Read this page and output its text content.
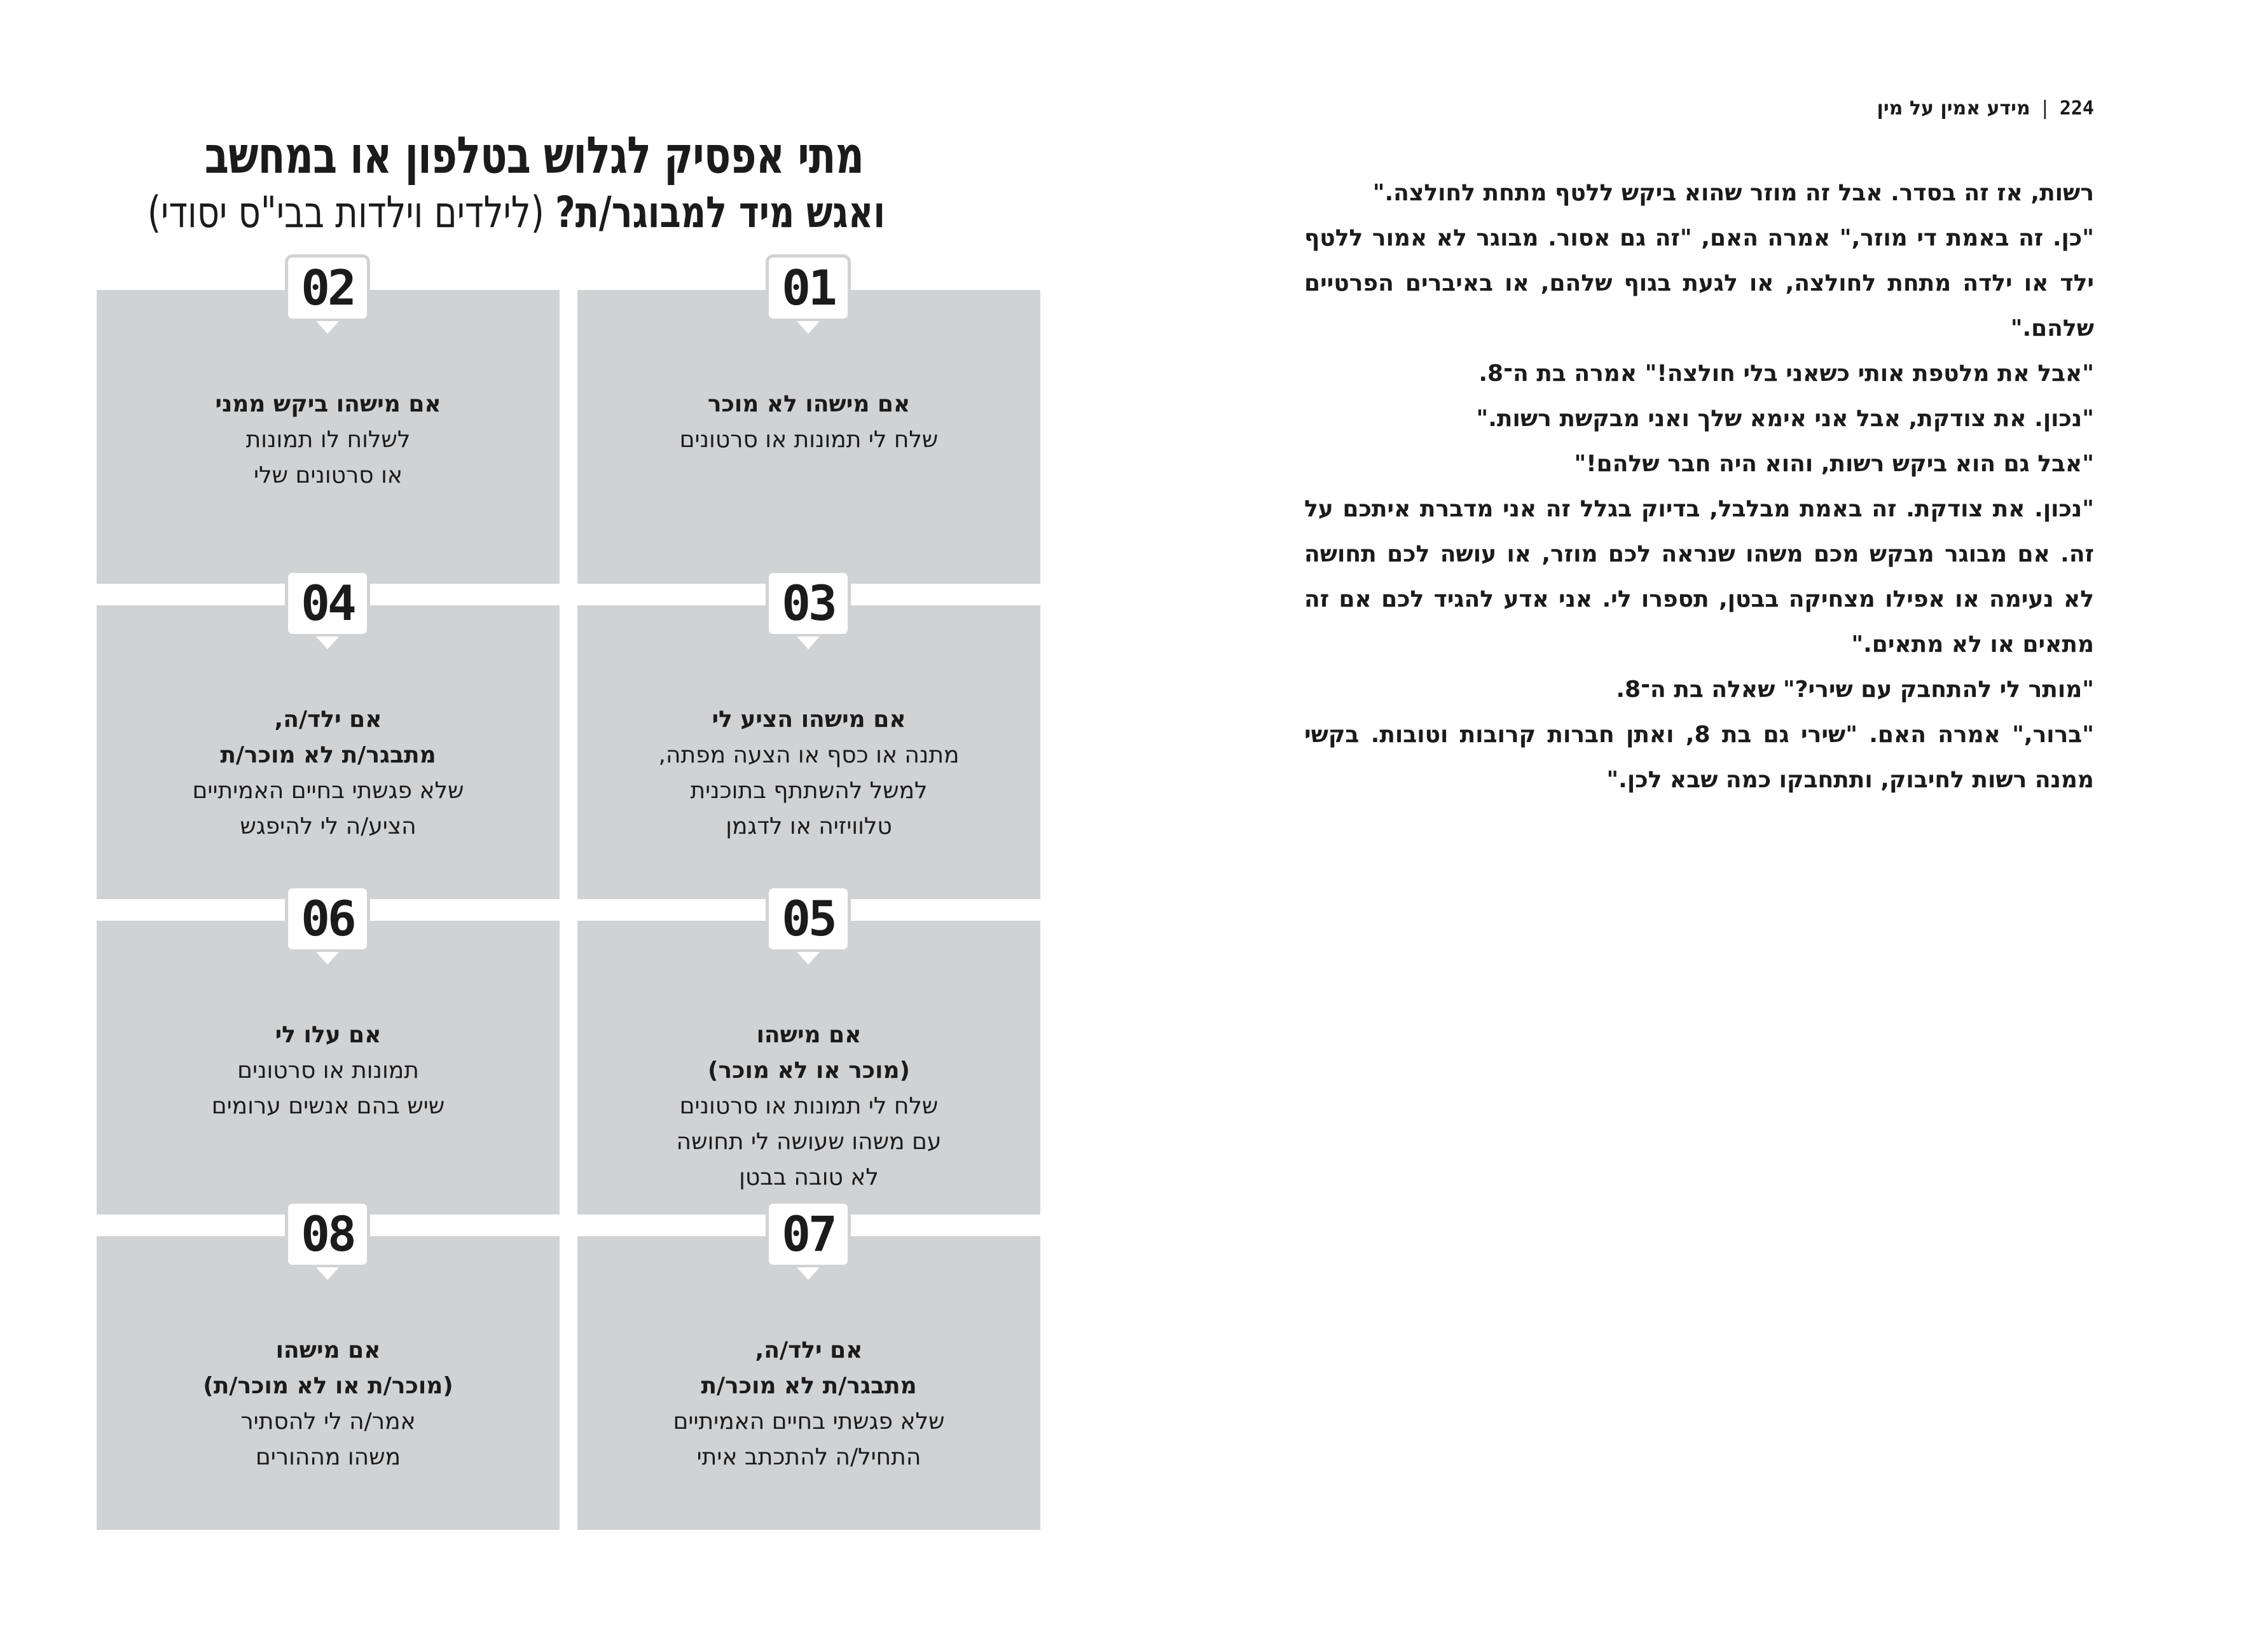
מתי אפסיק לגלוש בטלפון או במחשב
ואגש מיד למבוגר/ת? (לילדים וילדות בבי"ס יסודי)
01
אם מישהו לא מוכר
שלח לי תמונות או סרטונים
02
אם מישהו ביקש ממני
לשלוח לו תמונות
או סרטונים שלי
03
אם מישהו הציע לי
מתנה או כסף או הצעה מפתה,
למשל להשתתף בתוכנית
טלוויזיה או לדגמן
04
אם ילד/ה,
מתבגר/ת לא מוכר/ת
שלא פגשתי בחיים האמיתיים
הציע/ה לי להיפגש
05
אם מישהו
(מוכר או לא מוכר)
שלח לי תמונות או סרטונים
עם משהו שעושה לי תחושה
לא טובה בבטן
06
אם עלו לי
תמונות או סרטונים
שיש בהם אנשים ערומים
07
אם ילד/ה,
מתבגר/ת לא מוכר/ת
שלא פגשתי בחיים האמיתיים
התחיל/ה להתכתב איתי
08
אם מישהו
(מוכר/ת או לא מוכר/ת)
אמר/ה לי להסתיר
משהו מההורים
224|מידע אמין על מין

רשות, אז זה בסדר. אבל זה מוזר שהוא ביקש ללטף מתחת לחולצה."

"כן. זה באמת די מוזר," אמרה האם, "זה גם אסור. מבוגר לא אמור ללטף ילד או ילדה מתחת לחולצה, או לגעת בגוף שלהם, או באיברים הפרטיים שלהם."

"אבל את מלטפת אותי כשאני בלי חולצה!" אמרה בת ה־8.

"נכון. את צודקת, אבל אני אימא שלך ואני מבקשת רשות."

"אבל גם הוא ביקש רשות, והוא היה חבר שלהם!"

"נכון. את צודקת. זה באמת מבלבל, בדיוק בגלל זה אני מדברת איתכם על זה. אם מבוגר מבקש מכם משהו שנראה לכם מוזר, או עושה לכם תחושה לא נעימה או אפילו מצחיקה בבטן, תספרו לי. אני אדע להגיד לכם אם זה מתאים או לא מתאים."

"מותר לי להתחבק עם שירי?" שאלה בת ה־8.

"ברור," אמרה האם. "שירי גם בת 8, ואתן חברות קרובות וטובות. בקשי ממנה רשות לחיבוק, ותתחבקו כמה שבא לכן."
